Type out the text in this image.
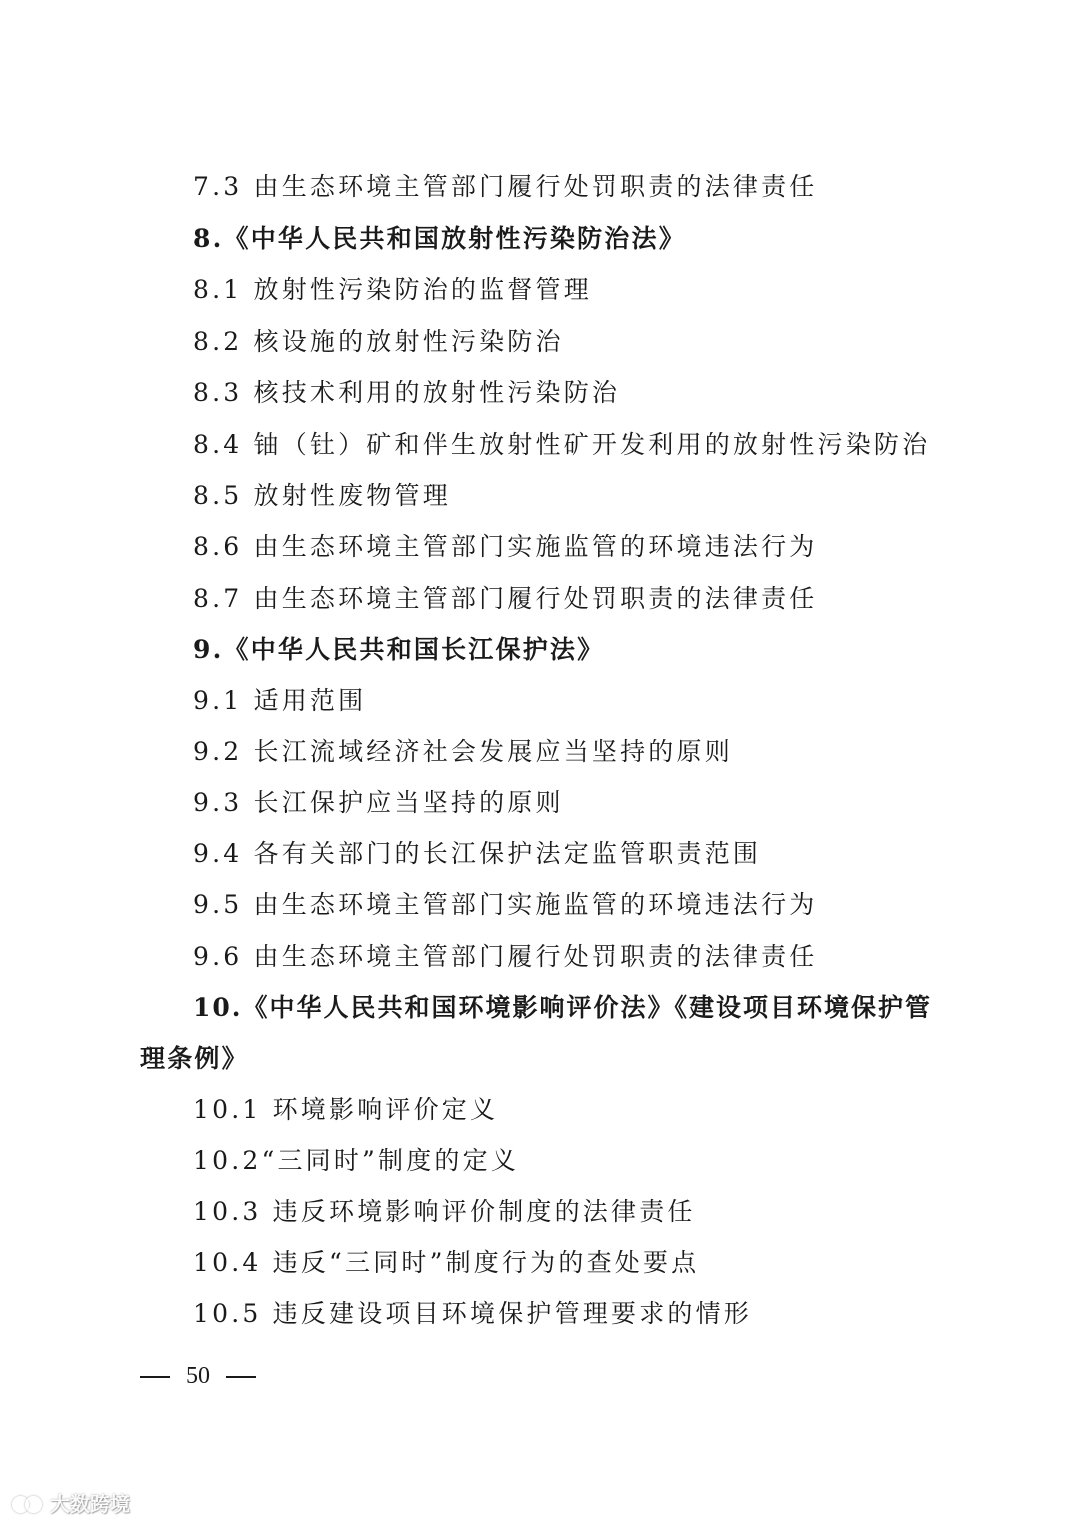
7.3 由生态环境主管部门履行处罚职责的法律责任
8.《中华人民共和国放射性污染防治法》
8.1 放射性污染防治的监督管理
8.2 核设施的放射性污染防治
8.3 核技术利用的放射性污染防治
8.4 铀（钍）矿和伴生放射性矿开发利用的放射性污染防治
8.5 放射性废物管理
8.6 由生态环境主管部门实施监管的环境违法行为
8.7 由生态环境主管部门履行处罚职责的法律责任
9.《中华人民共和国长江保护法》
9.1 适用范围
9.2 长江流域经济社会发展应当坚持的原则
9.3 长江保护应当坚持的原则
9.4 各有关部门的长江保护法定监管职责范围
9.5 由生态环境主管部门实施监管的环境违法行为
9.6 由生态环境主管部门履行处罚职责的法律责任
10.《中华人民共和国环境影响评价法》《建设项目环境保护管
理条例》
10.1 环境影响评价定义
10.2“三同时”制度的定义
10.3 违反环境影响评价制度的法律责任
10.4 违反“三同时”制度行为的查处要点
10.5 违反建设项目环境保护管理要求的情形
50
大数跨境
